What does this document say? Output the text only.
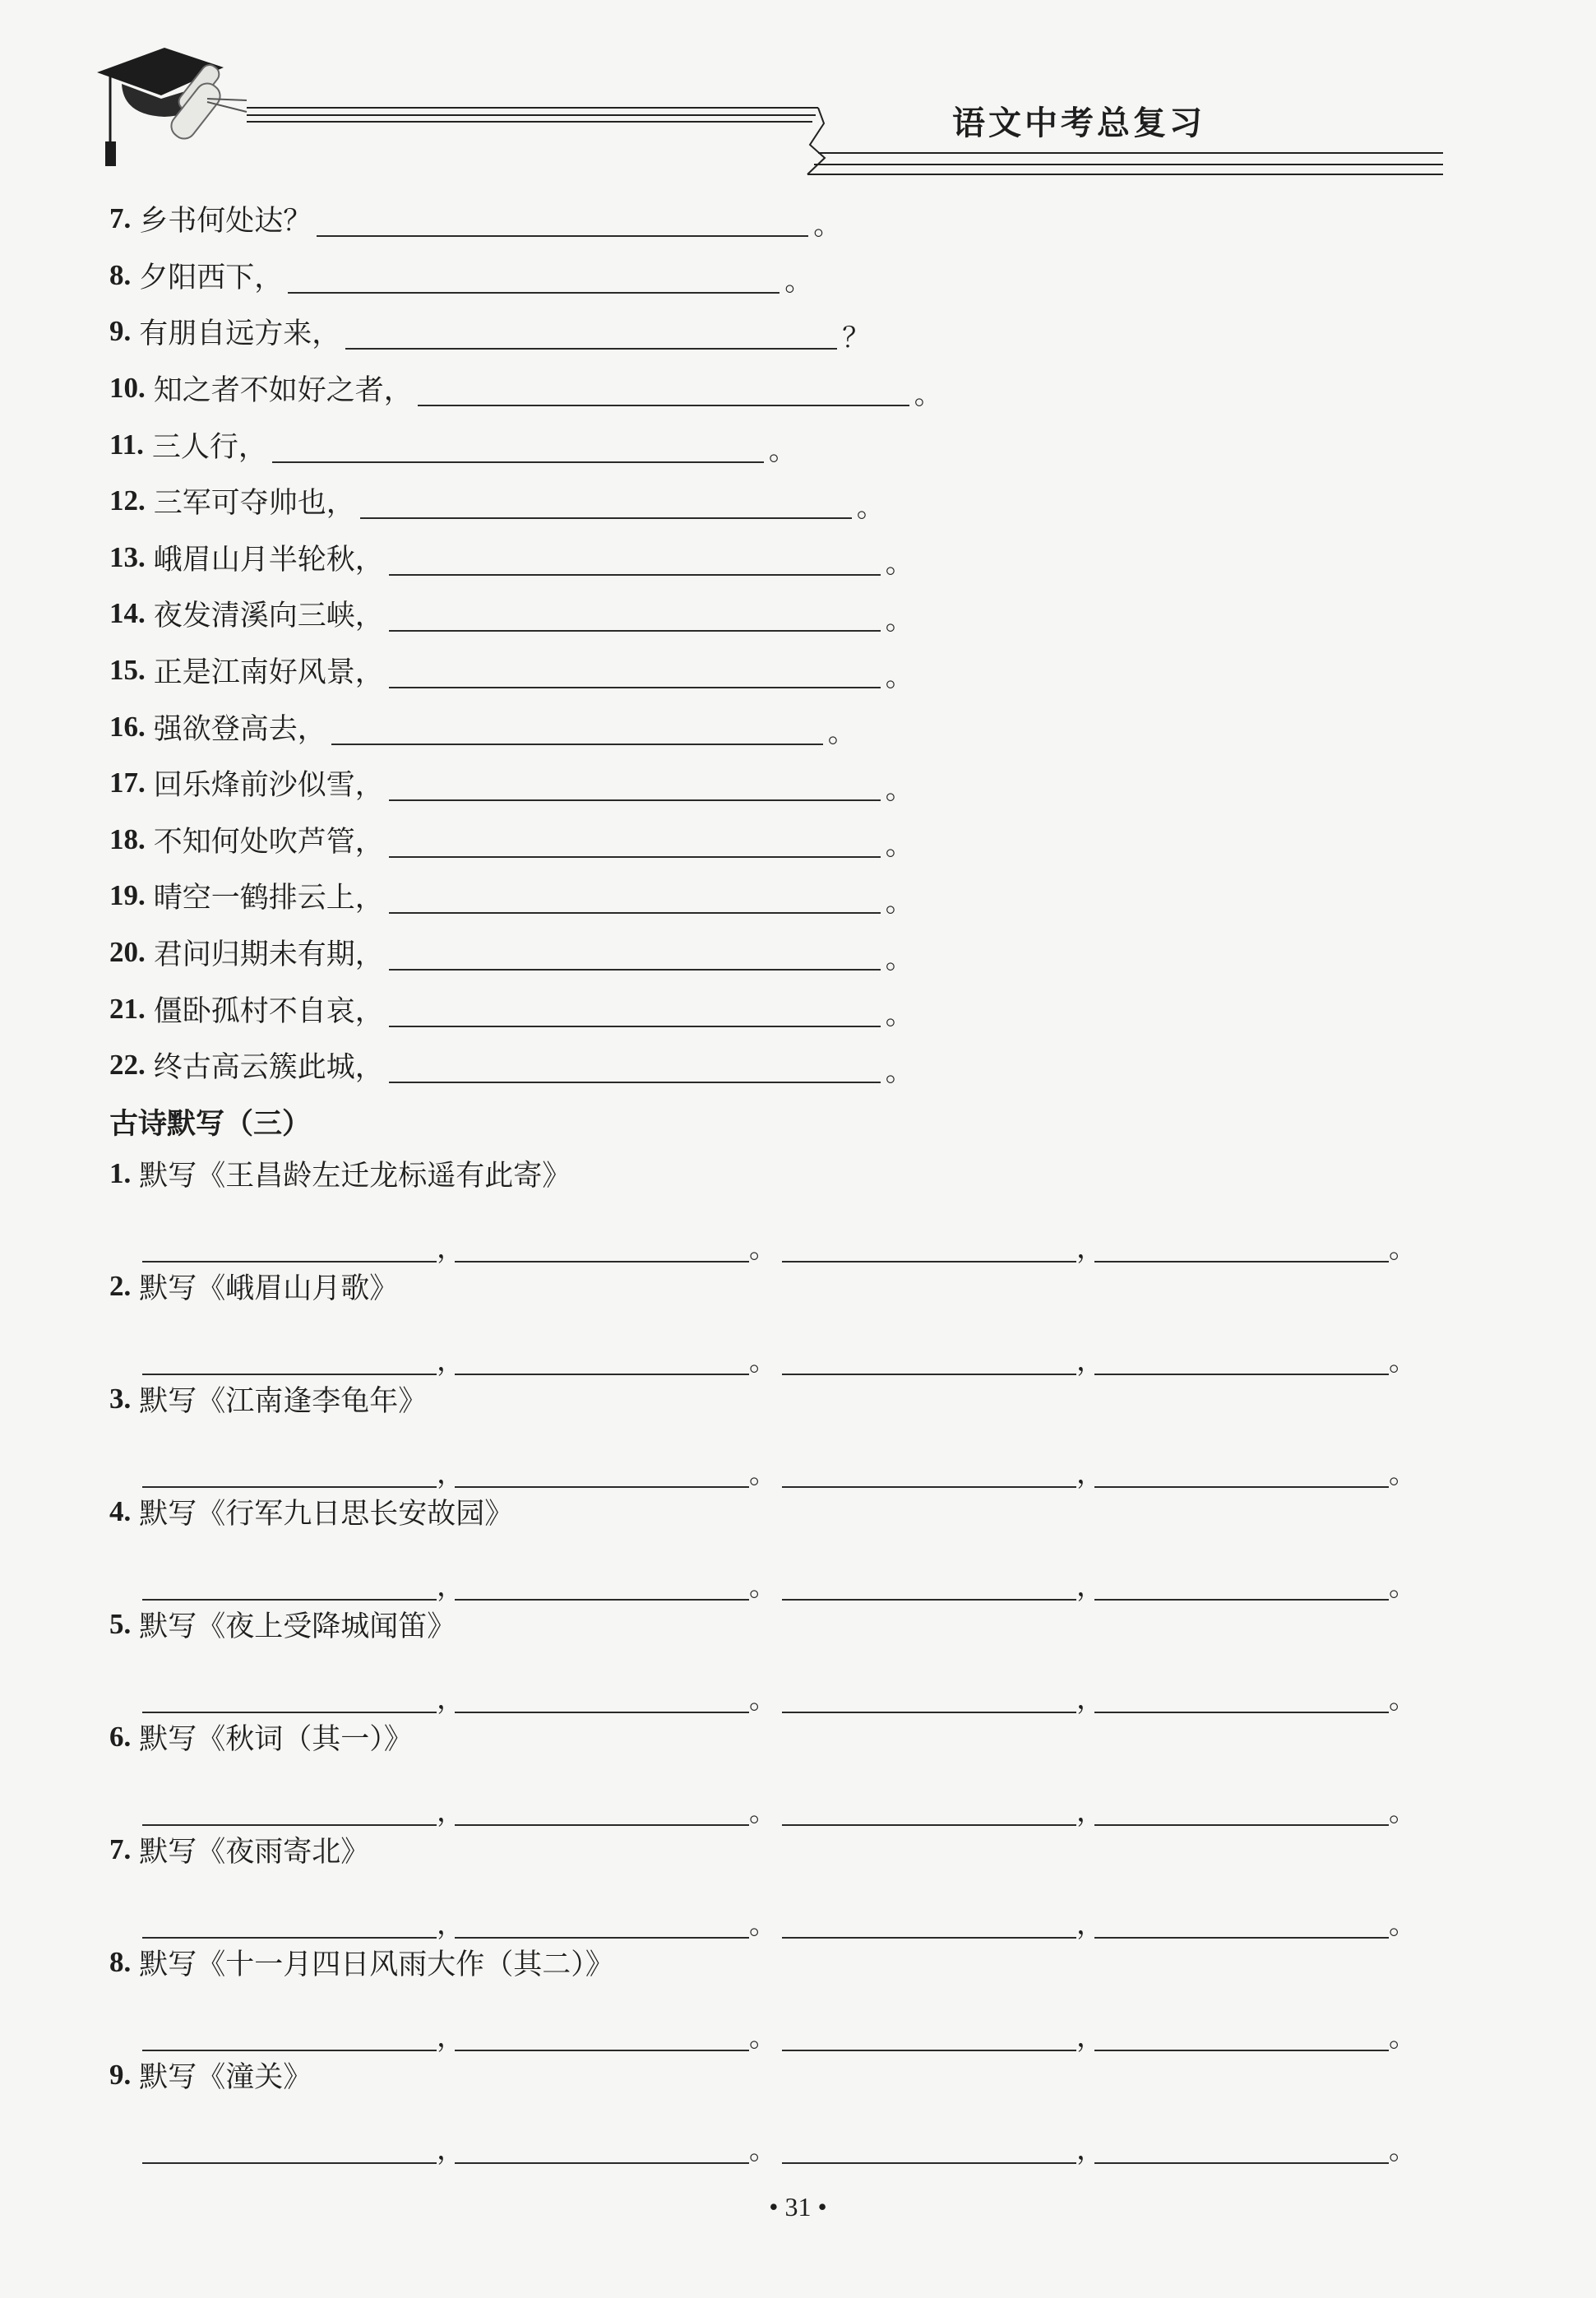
语文中考总复习
7. 乡书何处达？	。
8. 夕阳西下，	。
9. 有朋自远方来，	？
10. 知之者不如好之者，	。
11. 三人行，	。
12. 三军可夺帅也，	。
13. 峨眉山月半轮秋，	。
14. 夜发清溪向三峡，	。
15. 正是江南好风景，	。
16. 强欲登高去，	。
17. 回乐烽前沙似雪，	。
18. 不知何处吹芦管，	。
19. 晴空一鹤排云上，	。
20. 君问归期未有期，	。
21. 僵卧孤村不自哀，	。
22. 终古高云簇此城，	。
古诗默写（三）
1. 默写《王昌龄左迁龙标遥有此寄》
，	。	，	。
2. 默写《峨眉山月歌》
，	。	，	。
3. 默写《江南逢李龟年》
，	。	，	。
4. 默写《行军九日思长安故园》
，	。	，	。
5. 默写《夜上受降城闻笛》
，	。	，	。
6. 默写《秋词（其一）》
，	。	，	。
7. 默写《夜雨寄北》
，	。	，	。
8. 默写《十一月四日风雨大作（其二）》
，	。	，	。
9. 默写《潼关》
，	。	，	。
• 31 •
